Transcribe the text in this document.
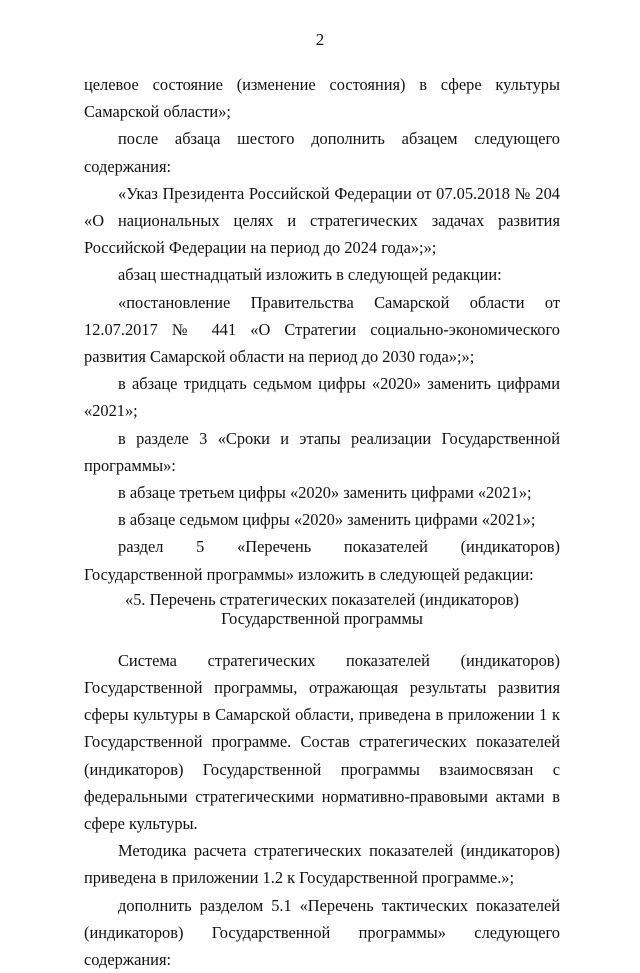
2

целевое состояние (изменение состояния) в сфере культуры Самарской области»;

после абзаца шестого дополнить абзацем следующего содержания:

«Указ Президента Российской Федерации от 07.05.2018 № 204 «О национальных целях и стратегических задачах развития Российской Федерации на период до 2024 года»;»;

абзац шестнадцатый изложить в следующей редакции:

«постановление Правительства Самарской области от 12.07.2017 № 441 «О Стратегии социально-экономического развития Самарской области на период до 2030 года»;»;

в абзаце тридцать седьмом цифры «2020» заменить цифрами «2021»;

в разделе 3 «Сроки и этапы реализации Государственной программы»:

в абзаце третьем цифры «2020» заменить цифрами «2021»;

в абзаце седьмом цифры «2020» заменить цифрами «2021»;

раздел 5 «Перечень показателей (индикаторов) Государственной программы» изложить в следующей редакции:

«5. Перечень стратегических показателей (индикаторов)
Государственной программы

Система стратегических показателей (индикаторов) Государственной программы, отражающая результаты развития сферы культуры в Самарской области, приведена в приложении 1 к Государственной программе. Состав стратегических показателей (индикаторов) Государственной программы взаимосвязан с федеральными стратегическими нормативно-правовыми актами в сфере культуры.

Методика расчета стратегических показателей (индикаторов) приведена в приложении 1.2 к Государственной программе.»;

дополнить разделом 5.1 «Перечень тактических показателей (индикаторов) Государственной программы» следующего содержания:
